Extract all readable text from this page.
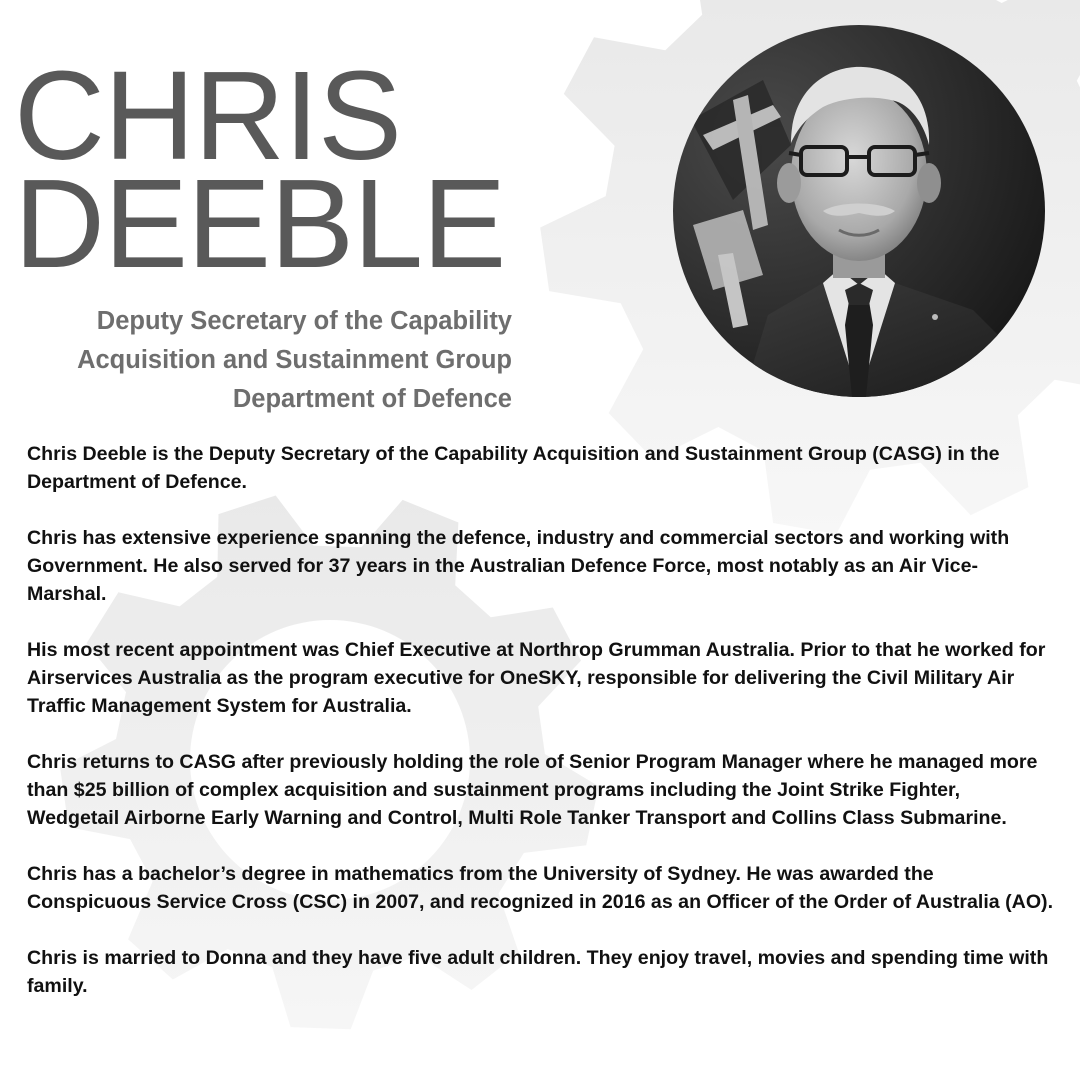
CHRIS
DEEBLE
Deputy Secretary of the Capability
Acquisition and Sustainment Group
Department of Defence

Chris Deeble is the Deputy Secretary of the Capability Acquisition and Sustainment Group (CASG) in the Department of Defence.

Chris has extensive experience spanning the defence, industry and commercial sectors and working with Government. He also served for 37 years in the Australian Defence Force, most notably as an Air Vice-Marshal.

His most recent appointment was Chief Executive at Northrop Grumman Australia. Prior to that he worked for Airservices Australia as the program executive for OneSKY, responsible for delivering the Civil Military Air Traffic Management System for Australia.

Chris returns to CASG after previously holding the role of Senior Program Manager where he managed more than $25 billion of complex acquisition and sustainment programs including the Joint Strike Fighter, Wedgetail Airborne Early Warning and Control, Multi Role Tanker Transport and Collins Class Submarine.

Chris has a bachelor’s degree in mathematics from the University of Sydney. He was awarded the Conspicuous Service Cross (CSC) in 2007, and recognized in 2016 as an Officer of the Order of Australia (AO).

Chris is married to Donna and they have five adult children. They enjoy travel, movies and spending time with family.
